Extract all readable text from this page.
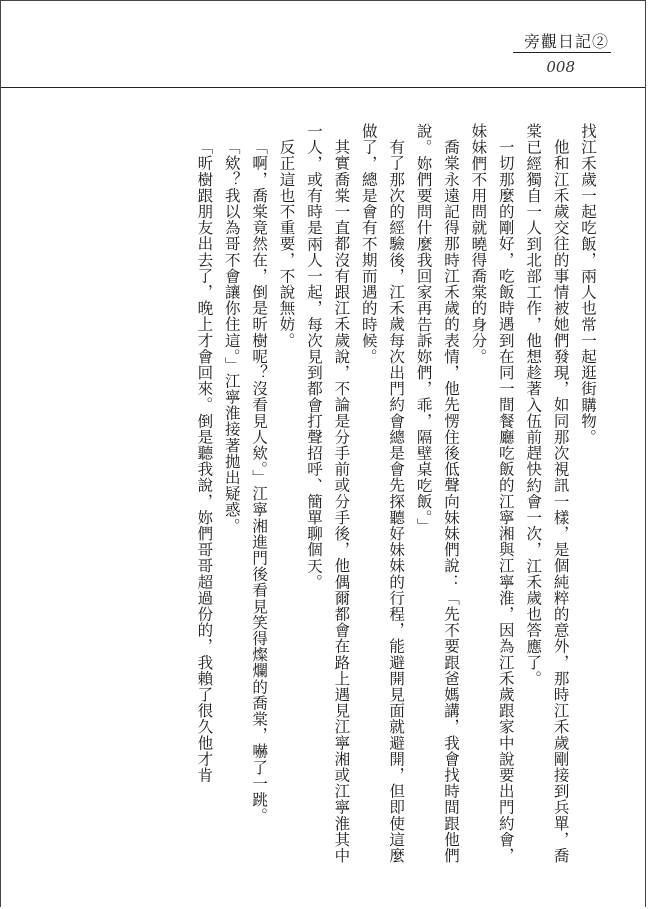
旁觀日記②
008

找江禾歲一起吃飯，兩人也常一起逛街購物。

他和江禾歲交往的事情被她們發現，如同那次視訊一樣，是個純粹的意外，那時江禾歲剛接到兵單，喬棠已經獨自一人到北部工作，他想趁著入伍前趕快約會一次，江禾歲也答應了。

一切那麼的剛好，吃飯時遇到在同一間餐廳吃飯的江寧湘與江寧淮，因為江禾歲跟家中說要出門約會，妹妹們不用問就曉得喬棠的身分。

喬棠永遠記得那時江禾歲的表情，他先愣住後低聲向妹妹們說：「先不要跟爸媽講，我會找時間跟他們說。妳們要問什麼我回家再告訴妳們，乖，隔壁桌吃飯。」

有了那次的經驗後，江禾歲每次出門約會總是會先探聽好妹妹的行程，能避開見面就避開，但即使這麼做了，總是會有不期而遇的時候。

其實喬棠一直都沒有跟江禾歲說，不論是分手前或分手後，他偶爾都會在路上遇見江寧湘或江寧淮其中一人，或有時是兩人一起，每次見到都會打聲招呼、簡單聊個天。

反正這也不重要，不說無妨。

「啊，喬棠竟然在，倒是昕樹呢？沒看見人欸。」江寧湘進門後看見笑得燦爛的喬棠，嚇了一跳。

「欸？我以為哥不會讓你住這。」江寧淮接著拋出疑惑。

「昕樹跟朋友出去了，晚上才會回來。倒是聽我說，妳們哥哥超過份的，我賴了很久他才肯
